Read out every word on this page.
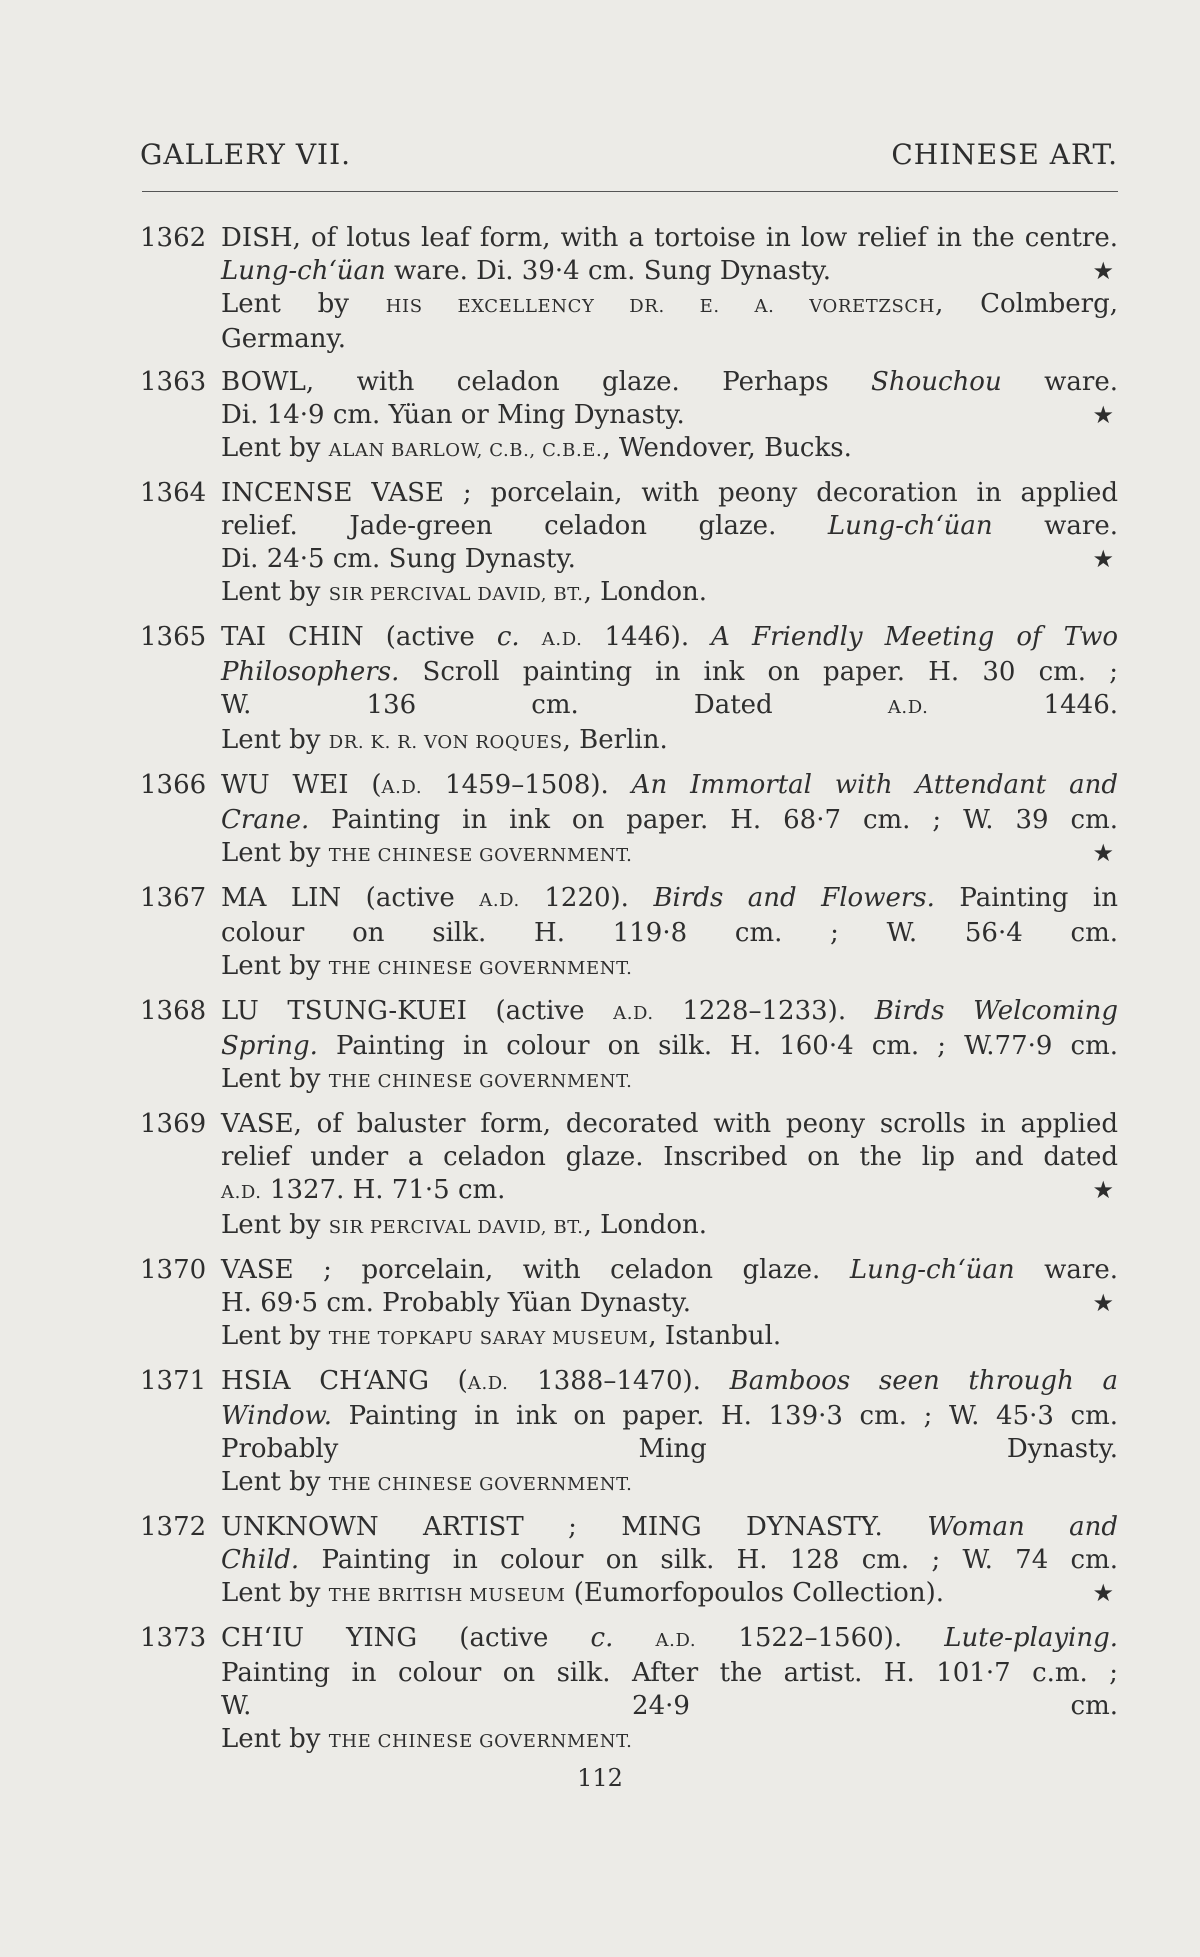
GALLERY VII.	CHINESE ART.
1362 DISH, of lotus leaf form, with a tortoise in low relief in the centre.
Lung-ch‘üan ware. Di. 39·4 cm. Sung Dynasty.	★
Lent by HIS EXCELLENCY DR. E. A. VORETZSCH, Colmberg,
Germany.
1363 BOWL, with celadon glaze. Perhaps Shouchou ware.
Di. 14·9 cm. Yüan or Ming Dynasty.	★
Lent by ALAN BARLOW, C.B., C.B.E., Wendover, Bucks.
1364 INCENSE VASE ; porcelain, with peony decoration in applied
relief. Jade-green celadon glaze. Lung-ch‘üan ware.
Di. 24·5 cm. Sung Dynasty.	★
Lent by SIR PERCIVAL DAVID, BT., London.
1365 TAI CHIN (active c. A.D. 1446). A Friendly Meeting of Two
Philosophers. Scroll painting in ink on paper. H. 30 cm. ;
W. 136 cm. Dated A.D. 1446.
Lent by DR. K. R. VON ROQUES, Berlin.
1366 WU WEI (A.D. 1459–1508). An Immortal with Attendant and
Crane. Painting in ink on paper. H. 68·7 cm. ; W. 39 cm.
Lent by THE CHINESE GOVERNMENT.	★
1367 MA LIN (active A.D. 1220). Birds and Flowers. Painting in
colour on silk. H. 119·8 cm. ; W. 56·4 cm.
Lent by THE CHINESE GOVERNMENT.
1368 LU TSUNG-KUEI (active A.D. 1228–1233). Birds Welcoming
Spring. Painting in colour on silk. H. 160·4 cm. ; W.77·9 cm.
Lent by THE CHINESE GOVERNMENT.
1369 VASE, of baluster form, decorated with peony scrolls in applied
relief under a celadon glaze. Inscribed on the lip and dated
A.D. 1327. H. 71·5 cm.	★
Lent by SIR PERCIVAL DAVID, BT., London.
1370 VASE ; porcelain, with celadon glaze. Lung-ch‘üan ware.
H. 69·5 cm. Probably Yüan Dynasty.	★
Lent by THE TOPKAPU SARAY MUSEUM, Istanbul.
1371 HSIA CH‘ANG (A.D. 1388–1470). Bamboos seen through a
Window. Painting in ink on paper. H. 139·3 cm. ; W. 45·3 cm.
Probably Ming Dynasty.
Lent by THE CHINESE GOVERNMENT.
1372 UNKNOWN ARTIST ; MING DYNASTY. Woman and
Child. Painting in colour on silk. H. 128 cm. ; W. 74 cm.
Lent by THE BRITISH MUSEUM (Eumorfopoulos Collection).	★
1373 CH‘IU YING (active c. A.D. 1522–1560). Lute-playing.
Painting in colour on silk. After the artist. H. 101·7 c.m. ;
W. 24·9 cm.
Lent by THE CHINESE GOVERNMENT.
112
